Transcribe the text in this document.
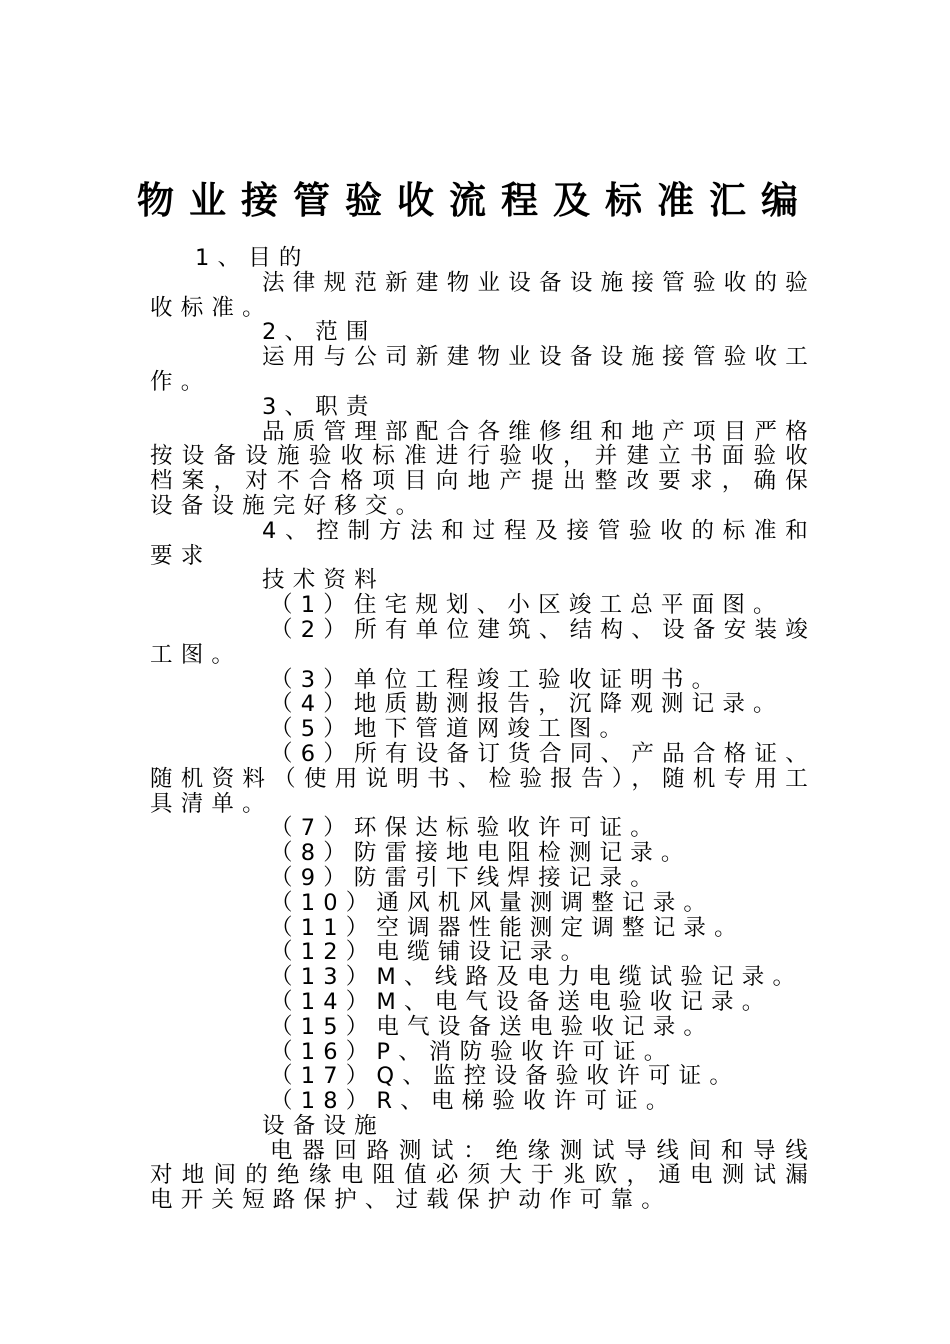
物业接管验收流程及标准汇编

1、目的

法律规范新建物业设备设施接管验收的验收标准。

2、范围

运用与公司新建物业设备设施接管验收工作。

3、职责

品质管理部配合各维修组和地产项目严格按设备设施验收标准进行验收，并建立书面验收档案，对不合格项目向地产提出整改要求，确保设备设施完好移交。

4、控制方法和过程及接管验收的标准和要求

技术资料

（1）住宅规划、小区竣工总平面图。

（2）所有单位建筑、结构、设备安装竣工图。

（3）单位工程竣工验收证明书。

（4）地质勘测报告，沉降观测记录。

（5）地下管道网竣工图。

（6）所有设备订货合同、产品合格证、随机资料（使用说明书、检验报告），随机专用工具清单。

（7）环保达标验收许可证。

（8）防雷接地电阻检测记录。

（9）防雷引下线焊接记录。

（10）通风机风量测调整记录。

（11）空调器性能测定调整记录。

（12）电缆铺设记录。

（13）M、线路及电力电缆试验记录。

（14）M、电气设备送电验收记录。

（15）电气设备送电验收记录。

（16）P、消防验收许可证。

（17）Q、监控设备验收许可证。

（18）R、电梯验收许可证。

设备设施

电器回路测试：绝缘测试导线间和导线对地间的绝缘电阻值必须大于兆欧，通电测试漏电开关短路保护、过载保护动作可靠。
